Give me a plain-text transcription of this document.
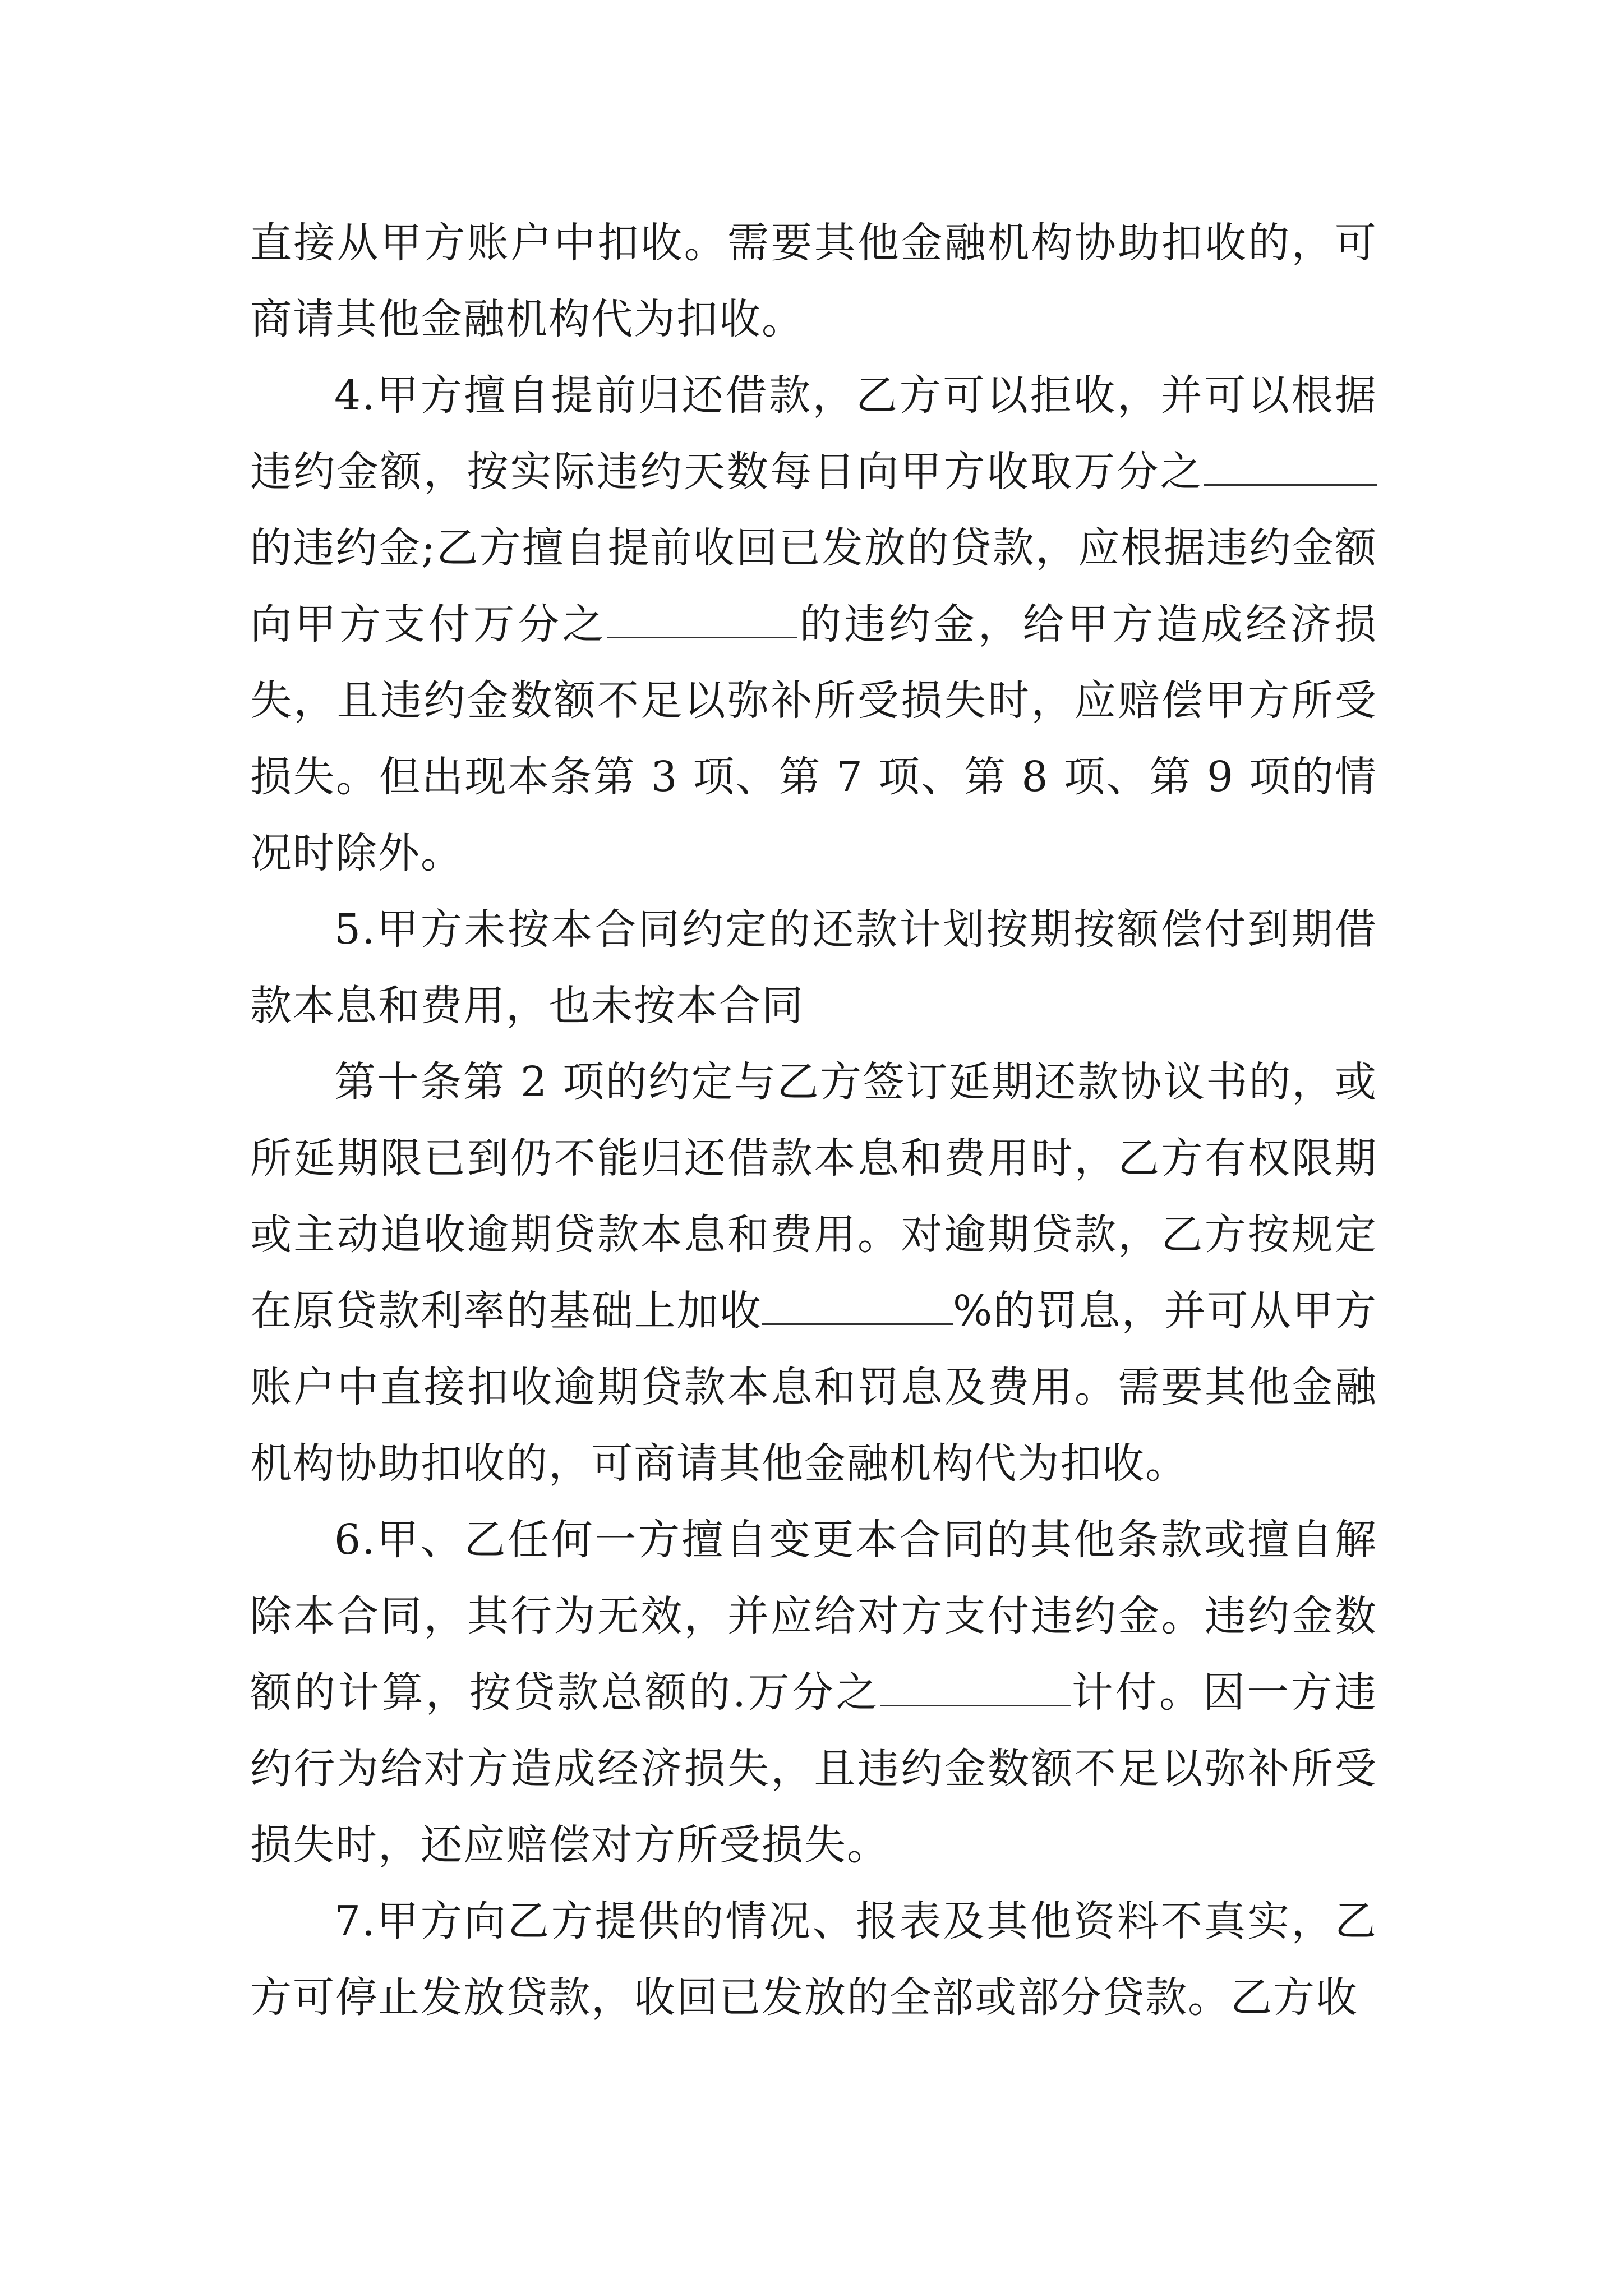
直接从甲方账户中扣收。需要其他金融机构协助扣收的，可商请其他金融机构代为扣收。

4.甲方擅自提前归还借款，乙方可以拒收，并可以根据违约金额，按实际违约天数每日向甲方收取万分之的违约金;乙方擅自提前收回已发放的贷款，应根据违约金额向甲方支付万分之	的违约金，给甲方造成经济损失，且违约金数额不足以弥补所受损失时，应赔偿甲方所受损失。但出现本条第 3 项、第 7 项、第 8 项、第 9 项的情况时除外。

5.甲方未按本合同约定的还款计划按期按额偿付到期借款本息和费用，也未按本合同

第十条第 2 项的约定与乙方签订延期还款协议书的，或所延期限已到仍不能归还借款本息和费用时，乙方有权限期或主动追收逾期贷款本息和费用。对逾期贷款，乙方按规定在原贷款利率的基础上加收	%的罚息，并可从甲方账户中直接扣收逾期贷款本息和罚息及费用。需要其他金融机构协助扣收的，可商请其他金融机构代为扣收。

6.甲、乙任何一方擅自变更本合同的其他条款或擅自解除本合同，其行为无效，并应给对方支付违约金。违约金数额的计算，按贷款总额的.万分之	计付。因一方违约行为给对方造成经济损失，且违约金数额不足以弥补所受损失时，还应赔偿对方所受损失。

7.甲方向乙方提供的情况、报表及其他资料不真实，乙方可停止发放贷款，收回已发放的全部或部分贷款。乙方收
